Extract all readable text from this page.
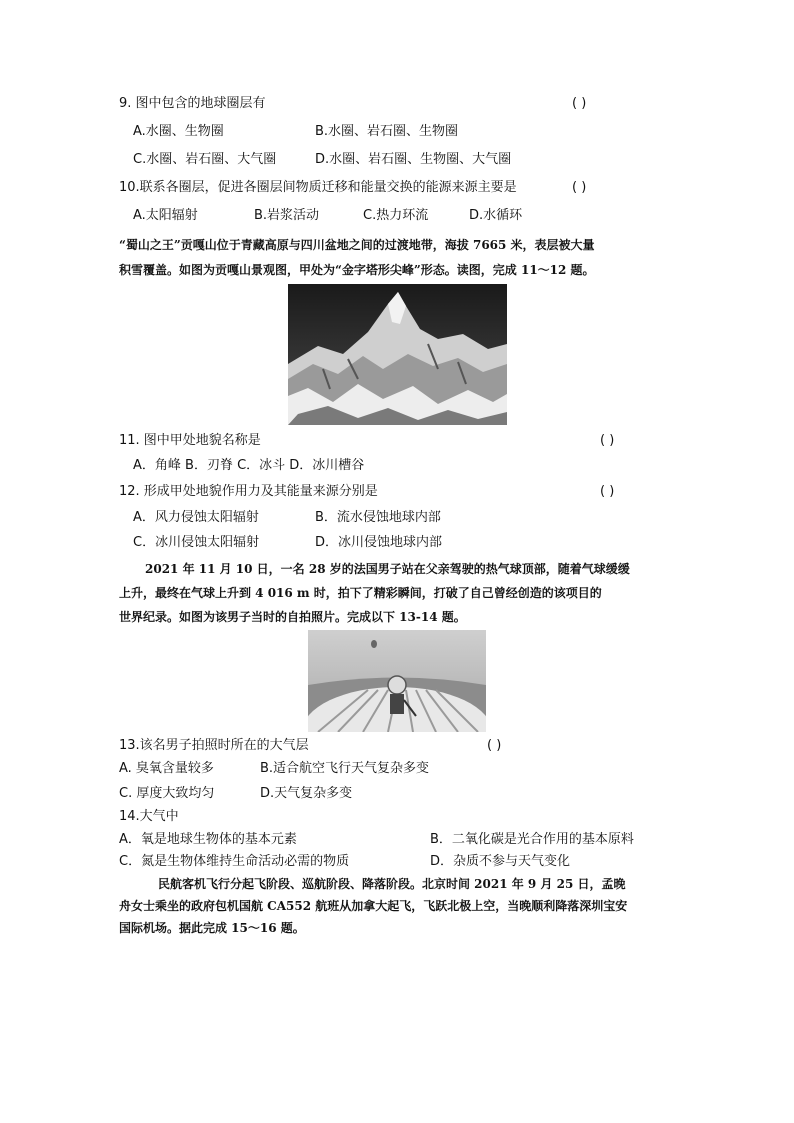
9. 图中包含的地球圈层有	( )
A.水圈、生物圈	B.水圈、岩石圈、生物圈
C.水圈、岩石圈、大气圈	D.水圈、岩石圈、生物圈、大气圈
10.联系各圈层，促进各圈层间物质迁移和能量交换的能源来源主要是	( )
A.太阳辐射	B.岩浆活动	C.热力环流	D.水循环
“蜀山之王”贡嘎山位于青藏高原与四川盆地之间的过渡地带，海拔 7665 米，表层被大量
积雪覆盖。如图为贡嘎山景观图，甲处为“金字塔形尖峰”形态。读图，完成 11～12 题。
11. 图中甲处地貌名称是	( )
A．角峰 B．刃脊 C．冰斗 D．冰川槽谷
12. 形成甲处地貌作用力及其能量来源分别是	( )
A．风力侵蚀太阳辐射	B．流水侵蚀地球内部
C．冰川侵蚀太阳辐射	D．冰川侵蚀地球内部
2021 年 11 月 10 日，一名 28 岁的法国男子站在父亲驾驶的热气球顶部，随着气球缓缓
上升，最终在气球上升到 4 016 m 时，拍下了精彩瞬间，打破了自己曾经创造的该项目的
世界纪录。如图为该男子当时的自拍照片。完成以下 13-14 题。
13.该名男子拍照时所在的大气层	( )
A. 臭氧含量较多	B.适合航空飞行天气复杂多变
C. 厚度大致均匀	D.天气复杂多变
14.大气中
A．氧是地球生物体的基本元素	B．二氧化碳是光合作用的基本原料
C．氮是生物体维持生命活动必需的物质	D．杂质不参与天气变化
民航客机飞行分起飞阶段、巡航阶段、降落阶段。北京时间 2021 年 9 月 25 日，孟晚
舟女士乘坐的政府包机国航 CA552 航班从加拿大起飞，飞跃北极上空，当晚顺利降落深圳宝安
国际机场。据此完成 15～16 题。
